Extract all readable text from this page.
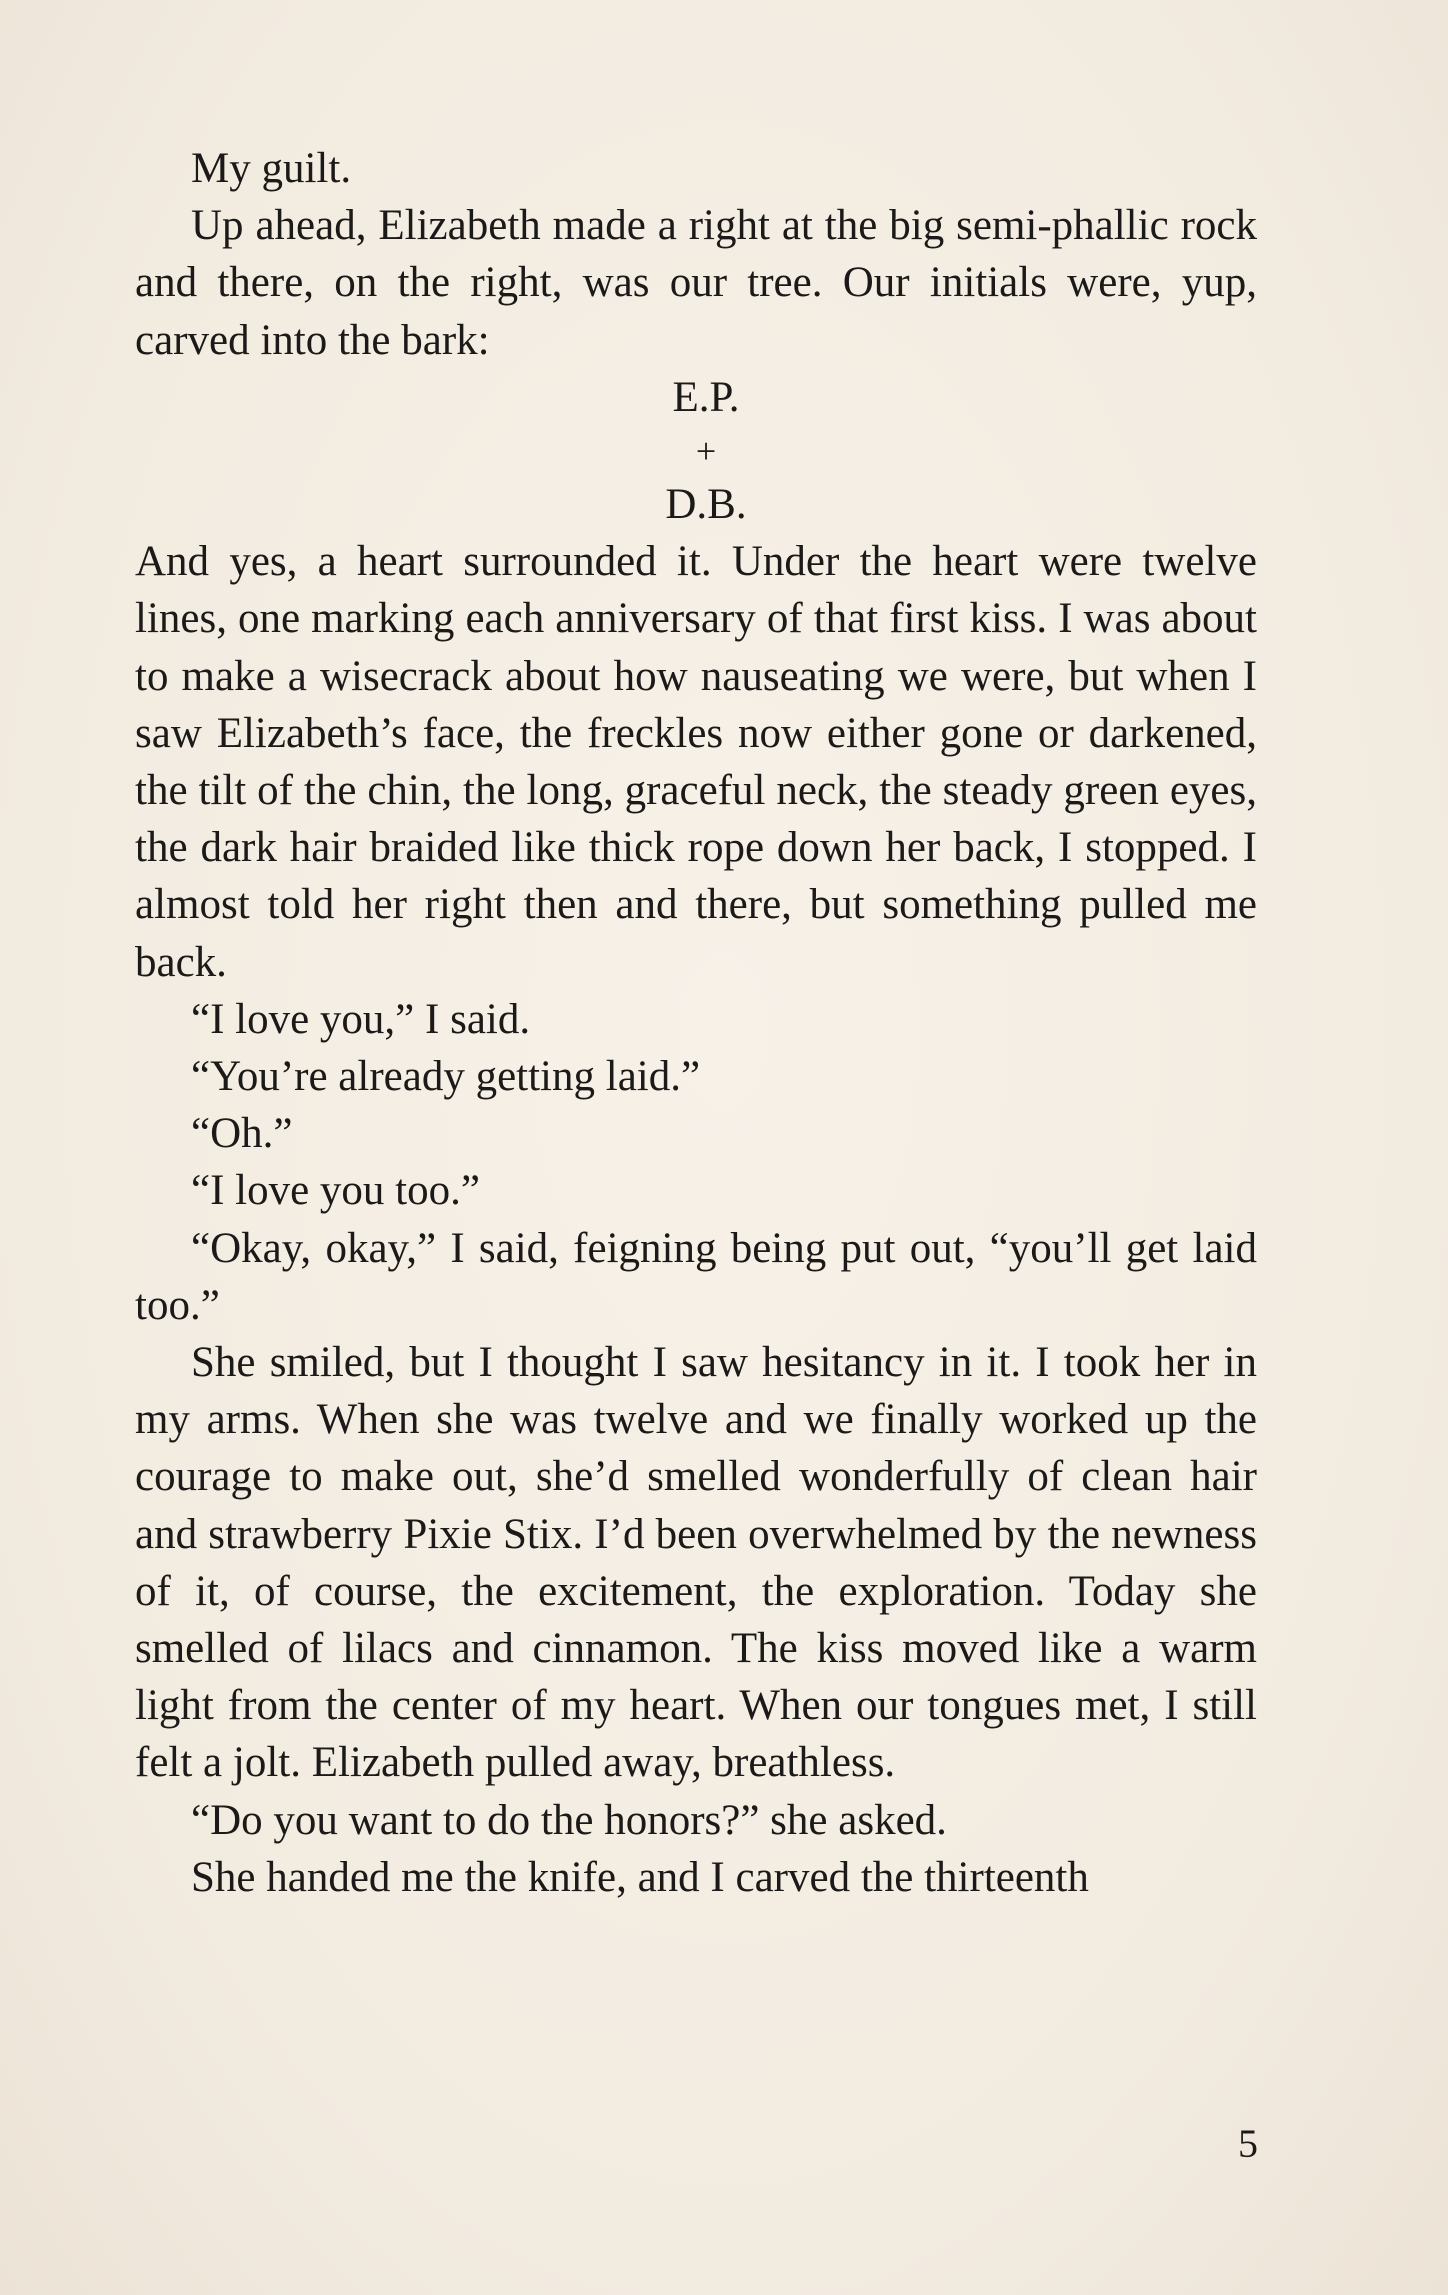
My guilt.

Up ahead, Elizabeth made a right at the big semi-phallic rock and there, on the right, was our tree. Our initials were, yup, carved into the bark:

E.P.
+
D.B.

And yes, a heart surrounded it. Under the heart were twelve lines, one marking each anniversary of that first kiss. I was about to make a wisecrack about how nauseating we were, but when I saw Elizabeth’s face, the freckles now either gone or darkened, the tilt of the chin, the long, graceful neck, the steady green eyes, the dark hair braided like thick rope down her back, I stopped. I almost told her right then and there, but something pulled me back.

“I love you,” I said.

“You’re already getting laid.”

“Oh.”

“I love you too.”

“Okay, okay,” I said, feigning being put out, “you’ll get laid too.”

She smiled, but I thought I saw hesitancy in it. I took her in my arms. When she was twelve and we finally worked up the courage to make out, she’d smelled wonderfully of clean hair and strawberry Pixie Stix. I’d been overwhelmed by the newness of it, of course, the excitement, the exploration. Today she smelled of lilacs and cinnamon. The kiss moved like a warm light from the center of my heart. When our tongues met, I still felt a jolt. Elizabeth pulled away, breathless.

“Do you want to do the honors?” she asked.

She handed me the knife, and I carved the thirteenth

5
